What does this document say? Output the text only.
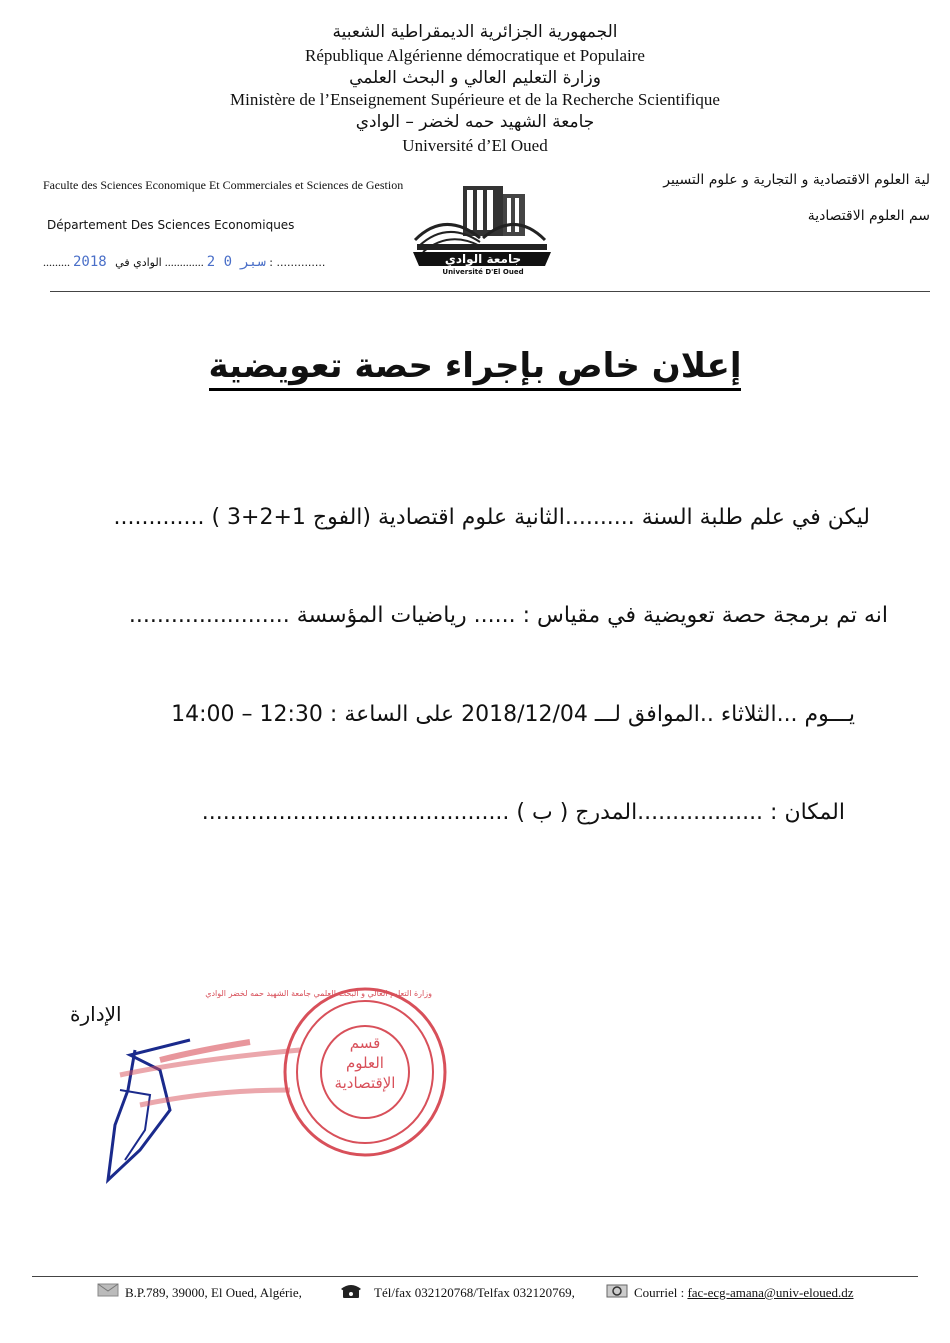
الجمهورية الجزائرية الديمقراطية الشعبية
République Algérienne démocratique et Populaire
وزارة التعليم العالي و البحث العلمي
Ministère de l’Enseignement Supérieure et de la Recherche Scientifique
جامعة الشهيد حمه لخضر – الوادي
Université d’El Oued
Faculte des Sciences Economique Et Commerciales et Sciences de Gestion
Département Des Sciences Economiques
......... 2018 سبر 0 2 ............. الوادي في : ..............
لية العلوم الاقتصادية و التجارية و علوم التسيير
سم العلوم الاقتصادية
جامعة الوادي
Université D'El Oued
إعلان خاص بإجراء حصة تعويضية
ليكن في علم طلبة السنة ..........الثانية علوم اقتصادية (الفوج 1+2+3 ) .............
انه تم برمجة حصة تعويضية في مقياس : ...... رياضيات المؤسسة .......................
يـــوم ...الثلاثاء ..الموافق لـــ 2018/12/04 على الساعة : 12:30 – 14:00
المكان : ..................المدرج ( ب ) ............................................
الإدارة
قسم
العلوم
الإقتصادية
وزارة التعليم العالي و البحث العلمي جامعة الشهيد حمه لخضر الوادي
B.P.789, 39000, El Oued, Algérie,	Tél/fax 032120768/Telfax 032120769,	Courriel : fac-ecg-amana@univ-eloued.dz
